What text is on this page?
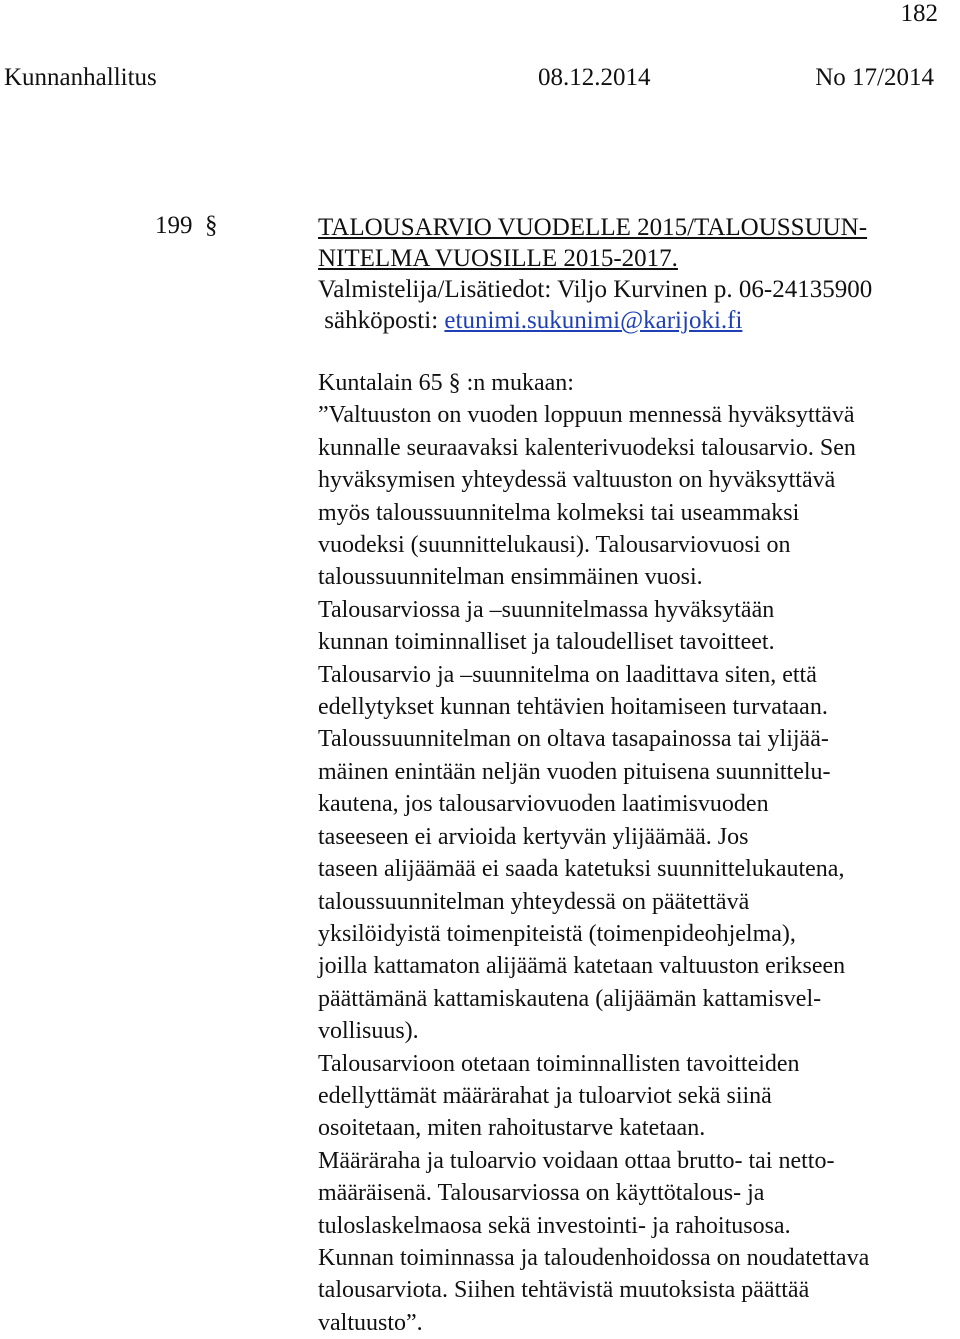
182
Kunnanhallitus	08.12.2014	No 17/2014
199 §	TALOUSARVIO VUODELLE 2015/TALOUSSUUN-
NITELMA VUOSILLE 2015-2017.
Valmistelija/Lisätiedot: Viljo Kurvinen p. 06-24135900
sähköposti: etunimi.sukunimi@karijoki.fi
Kuntalain 65 § :n mukaan:
”Valtuuston on vuoden loppuun mennessä hyväksyttävä
kunnalle seuraavaksi kalenterivuodeksi talousarvio. Sen
hyväksymisen yhteydessä valtuuston on hyväksyttävä
myös taloussuunnitelma kolmeksi tai useammaksi
vuodeksi (suunnittelukausi). Talousarviovuosi on
taloussuunnitelman ensimmäinen vuosi.
Talousarviossa ja –suunnitelmassa hyväksytään
kunnan toiminnalliset ja taloudelliset tavoitteet.
Talousarvio ja –suunnitelma on laadittava siten, että
edellytykset kunnan tehtävien hoitamiseen turvataan.
Taloussuunnitelman on oltava tasapainossa tai ylijää-
mäinen enintään neljän vuoden pituisena suunnittelu-
kautena, jos talousarviovuoden laatimisvuoden
taseeseen ei arvioida kertyvän ylijäämää. Jos
taseen alijäämää ei saada katetuksi suunnittelukautena,
taloussuunnitelman yhteydessä on päätettävä
yksilöidyistä toimenpiteistä (toimenpideohjelma),
joilla kattamaton alijäämä katetaan valtuuston erikseen
päättämänä kattamiskautena (alijäämän kattamisvel-
vollisuus).
Talousarvioon otetaan toiminnallisten tavoitteiden
edellyttämät määrärahat ja tuloarviot sekä siinä
osoitetaan, miten rahoitustarve katetaan.
Määräraha ja tuloarvio voidaan ottaa brutto- tai netto-
määräisenä. Talousarviossa on käyttötalous- ja
tuloslaskelmaosa sekä investointi- ja rahoitusosa.
Kunnan toiminnassa ja taloudenhoidossa on noudatettava
talousarviota. Siihen tehtävistä muutoksista päättää
valtuusto”.
